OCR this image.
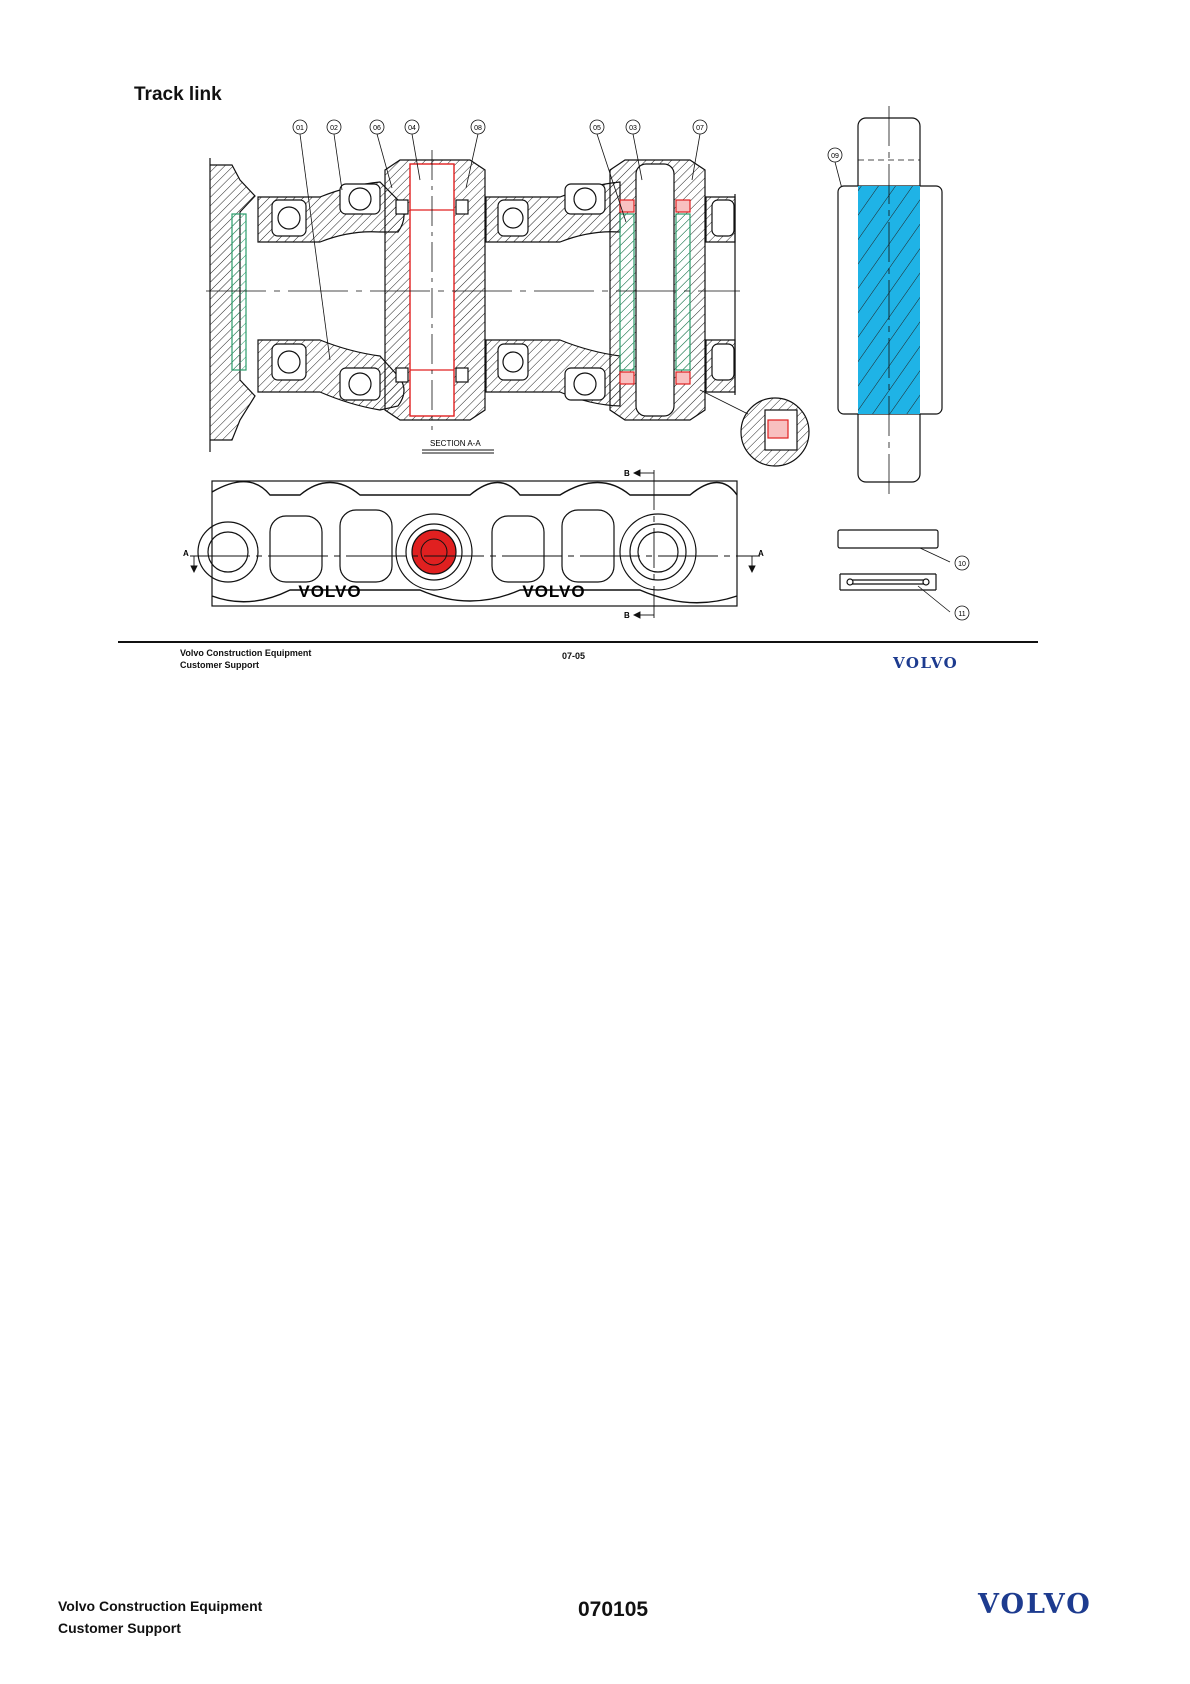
Track link
SECTION A-A
01	02	06	04	08	05	03	07
09
10
11
VOLVO	VOLVO
A	A
B
B
Volvo Construction Equipment
Customer Support
07-05	VOLVO
Volvo Construction Equipment
Customer Support
070105	VOLVO
